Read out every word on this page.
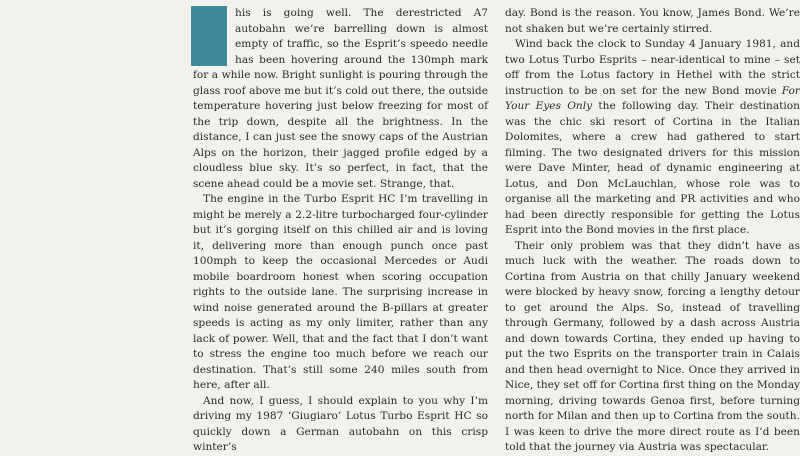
his is going well. The derestricted A7 autobahn we’re barrelling down is almost empty of traffic, so the Esprit’s speedo needle has been hovering around the 130mph mark for a while now. Bright sunlight is pouring through the glass roof above me but it’s cold out there, the outside temperature hovering just below freezing for most of the trip down, despite all the brightness. In the distance, I can just see the snowy caps of the Austrian Alps on the horizon, their jagged profile edged by a cloudless blue sky. It’s so perfect, in fact, that the scene ahead could be a movie set. Strange, that.

The engine in the Turbo Esprit HC I’m travelling in might be merely a 2.2-litre turbocharged four-cylinder but it’s gorging itself on this chilled air and is loving it, delivering more than enough punch once past 100mph to keep the occasional Mercedes or Audi mobile boardroom honest when scoring occupation rights to the outside lane. The surprising increase in wind noise generated around the B-pillars at greater speeds is acting as my only limiter, rather than any lack of power. Well, that and the fact that I don’t want to stress the engine too much before we reach our destination. That’s still some 240 miles south from here, after all.

And now, I guess, I should explain to you why I’m driving my 1987 ‘Giugiaro’ Lotus Turbo Esprit HC so quickly down a German autobahn on this crisp winter’s

day. Bond is the reason. You know, James Bond. We’re not shaken but we’re certainly stirred.

Wind back the clock to Sunday 4 January 1981, and two Lotus Turbo Esprits – near-identical to mine – set off from the Lotus factory in Hethel with the strict instruction to be on set for the new Bond movie For Your Eyes Only the following day. Their destination was the chic ski resort of Cortina in the Italian Dolomites, where a crew had gathered to start filming. The two designated drivers for this mission were Dave Minter, head of dynamic engineering at Lotus, and Don McLauchlan, whose role was to organise all the marketing and PR activities and who had been directly responsible for getting the Lotus Esprit into the Bond movies in the first place.

Their only problem was that they didn’t have as much luck with the weather. The roads down to Cortina from Austria on that chilly January weekend were blocked by heavy snow, forcing a lengthy detour to get around the Alps. So, instead of travelling through Germany, followed by a dash across Austria and down towards Cortina, they ended up having to put the two Esprits on the transporter train in Calais and then head overnight to Nice. Once they arrived in Nice, they set off for Cortina first thing on the Monday morning, driving towards Genoa first, before turning north for Milan and then up to Cortina from the south. I was keen to drive the more direct route as I’d been told that the journey via Austria was spectacular.
